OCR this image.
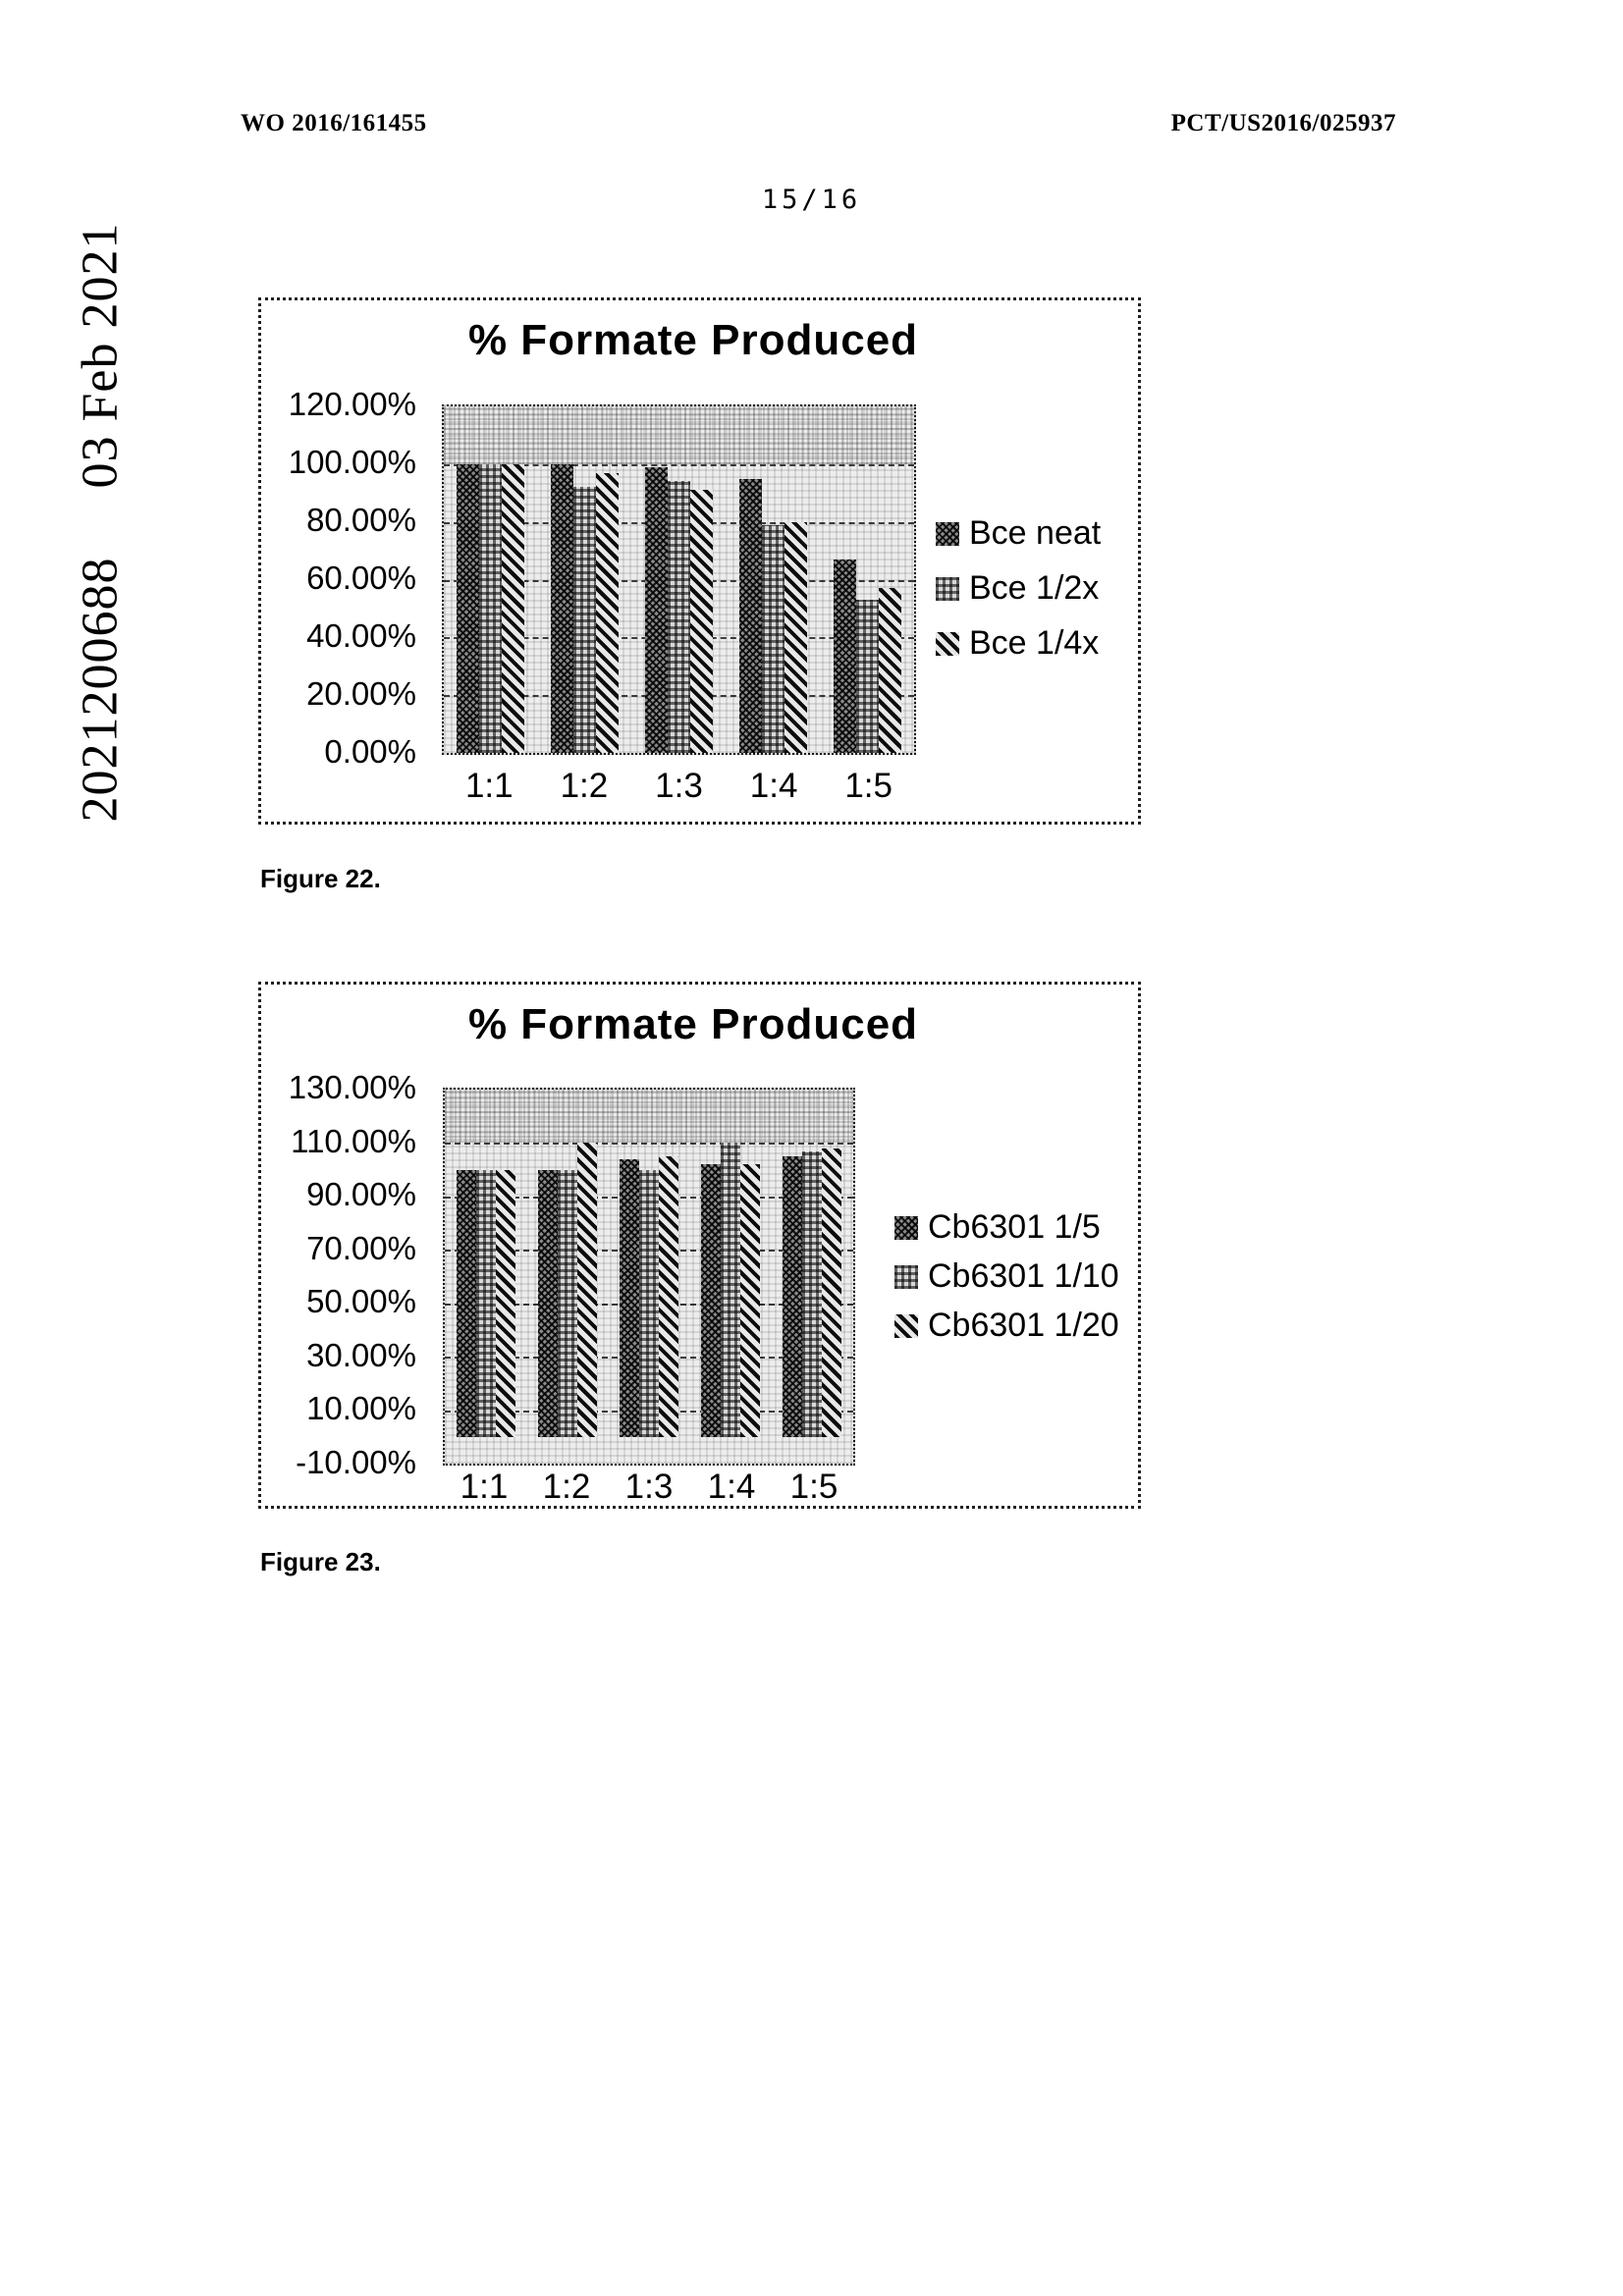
WO 2016/161455	PCT/US2016/025937
15/16
202120068803 Feb 2021	% Formate Produced
120.00%
100.00%
80.00%
60.00%
40.00%
20.00%
0.00%
1:1	1:2	1:3	1:4	1:5
Bce neat
Bce 1/2x
Bce 1/4x
Figure 22.
% Formate Produced
130.00%
110.00%
90.00%
70.00%
50.00%
30.00%
10.00%
-10.00%
1:1	1:2	1:3	1:4	1:5
Cb6301 1/5
Cb6301 1/10
Cb6301 1/20
Figure 23.
